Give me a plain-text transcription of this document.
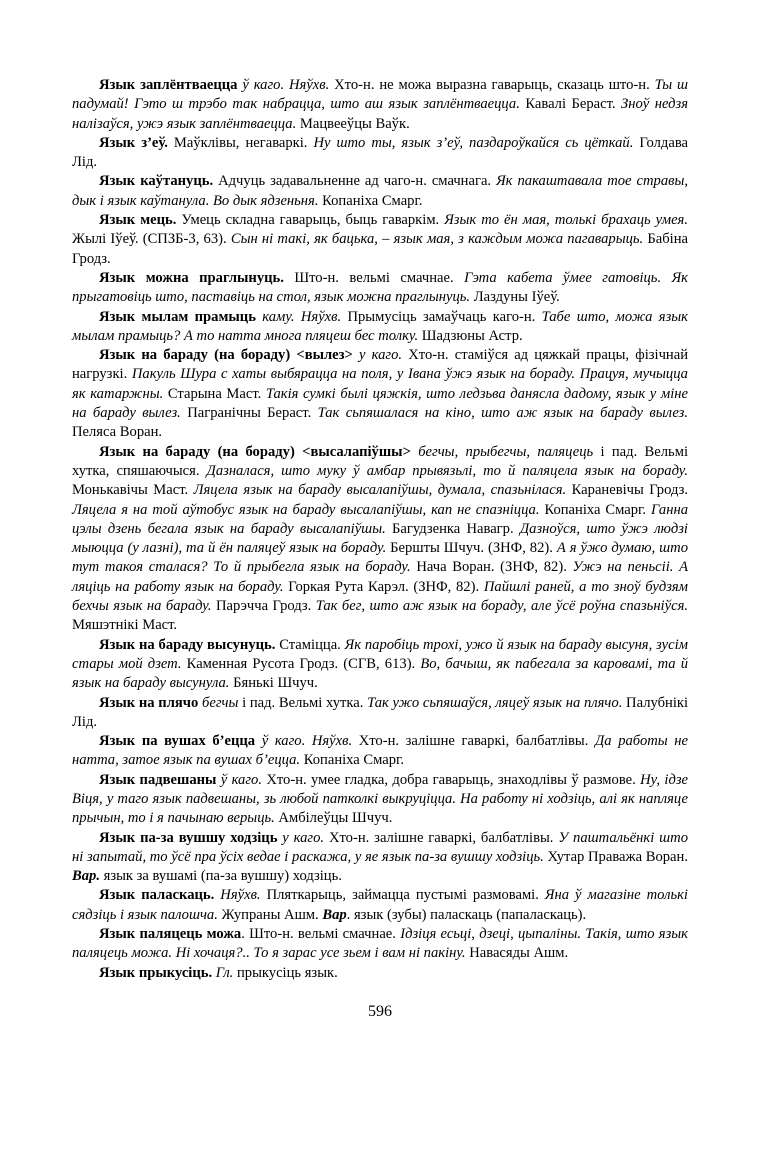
Язык заплёнтваецца ў каго. Няўхв. Хто-н. не можа выразна гаварыць, сказаць што-н. Ты ш падумай! Гэто ш трэбо так набрацца, што аш язык заплёнтваецца. Кавалі Бераст. Зноў недзя налізаўся, ужэ язык заплёнтваецца. Мацвееўцы Ваўк.

Язык з’еў. Маўклівы, негаваркі. Ну што ты, язык з’еў, паздароўкайся сь цёткай. Голдава Лід.

Язык каўтануць. Адчуць задавальненне ад чаго-н. смачнага. Як пакаштавала тое стравы, дык і язык каўтанула. Во дык ядзеньня. Копаніха Смарг.

Язык мець. Умець складна гаварыць, быць гаваркім. Язык то ён мая, толькі брахаць умея. Жылі Іўеў. (СПЗБ-3, 63). Сын ні такі, як бацька, – язык мая, з каждым можа пагаварыць. Бабіна Гродз.

Язык можна праглынуць. Што-н. вельмі смачнае. Гэта кабета ўмее гатовіць. Як прыгатовіць што, паставіць на стол, язык можна праглынуць. Лаздуны Іўеў.

Язык мылам прамыць каму. Няўхв. Прымусіць замаўчаць каго-н. Табе што, можа язык мылам прамыць? А то натта многа пляцеш бес толку. Шадзюны Астр.

Язык на бараду (на бораду) <вылез> у каго. Хто-н. стаміўся ад цяжкай працы, фізічнай нагрузкі. Пакуль Шура с хаты выбярацца на поля, у Івана ўжэ язык на бораду. Працуя, мучыцца як катаржны. Старына Маст. Такія сумкі былі цяжкія, што ледзьва данясла дадому, язык у міне на бараду вылез. Пагранічны Бераст. Так сьпяшалася на кіно, што аж язык на бараду вылез. Пеляса Воран.

Язык на бараду (на бораду) <высалапіўшы> бегчы, прыбегчы, паляцець і пад. Вельмі хутка, спяшаючыся. Дазналася, што муку ў амбар прывязьлі, то й паляцела язык на бораду. Монькавічы Маст. Ляцела язык на бараду высалапіўшы, думала, спазьнілася. Караневічы Гродз. Ляцела я на той аўтобус язык на бараду высалапіўшы, кап не спазніцца. Копаніха Смарг. Ганна цэлы дзень бегала язык на бараду высалапіўшы. Багудзенка Навагр. Дазноўся, што ўжэ людзі мыюцца (у лазні), та й ён паляцеў язык на бораду. Бершты Шчуч. (ЗНФ, 82). А я ўжо думаю, што тут такоя сталася? То й прыбегла язык на бораду. Нача Воран. (ЗНФ, 82). Ужэ на пеньсіі. А ляціць на работу язык на бораду. Горкая Рута Карэл. (ЗНФ, 82). Пайшлі раней, а то зноў будзям бехчы язык на бараду. Парэчча Гродз. Так бег, што аж язык на бораду, але ўсё роўна спазьніўся. Мяшэтнікі Маст.

Язык на бараду высунуць. Стаміцца. Як паробіць трохі, ужо й язык на бараду высуня, зусім стары мой дзет. Каменная Русота Гродз. (СГВ, 613). Во, бачыш, як пабегала за каровамі, та й язык на бараду высунула. Бянькі Шчуч.

Язык на плячо бегчы і пад. Вельмі хутка. Так ужо сьпяшаўся, ляцеў язык на плячо. Палубнікі Лід.

Язык па вушах б’ецца ў каго. Няўхв. Хто-н. залішне гаваркі, балбатлівы. Да работы не натта, затое язык па вушах б’ецца. Копаніха Смарг.

Язык падвешаны ў каго. Хто-н. умее гладка, добра гаварыць, знаходлівы ў размове. Ну, ідзе Віця, у таго язык падвешаны, зь любой патколкі выкруціцца. На работу ні ходзіць, алі як напляце прычын, то і я пачынаю верыць. Амбілеўцы Шчуч.

Язык па-за вушшу ходзіць у каго. Хто-н. залішне гаваркі, балбатлівы. У паштальёнкі што ні запытай, то ўсё пра ўсіх ведае і раскажа, у яе язык па-за вушшу ходзіць. Хутар Праважа Воран. Вар. язык за вушамі (па-за вушшу) ходзіць.

Язык паласкаць. Няўхв. Пляткарыць, займацца пустымі размовамі. Яна ў магазіне толькі сядзіць і язык палошча. Жупраны Ашм. Вар. язык (зубы) паласкаць (папаласкаць).

Язык паляцець можа. Што-н. вельмі смачнае. Ідзіця есьці, дзеці, цыпаліны. Такія, што язык паляцець можа. Ні хочаця?.. То я зарас усе зьем і вам ні пакіну. Навасяды Ашм.

Язык прыкусіць. Гл. прыкусіць язык.

596
